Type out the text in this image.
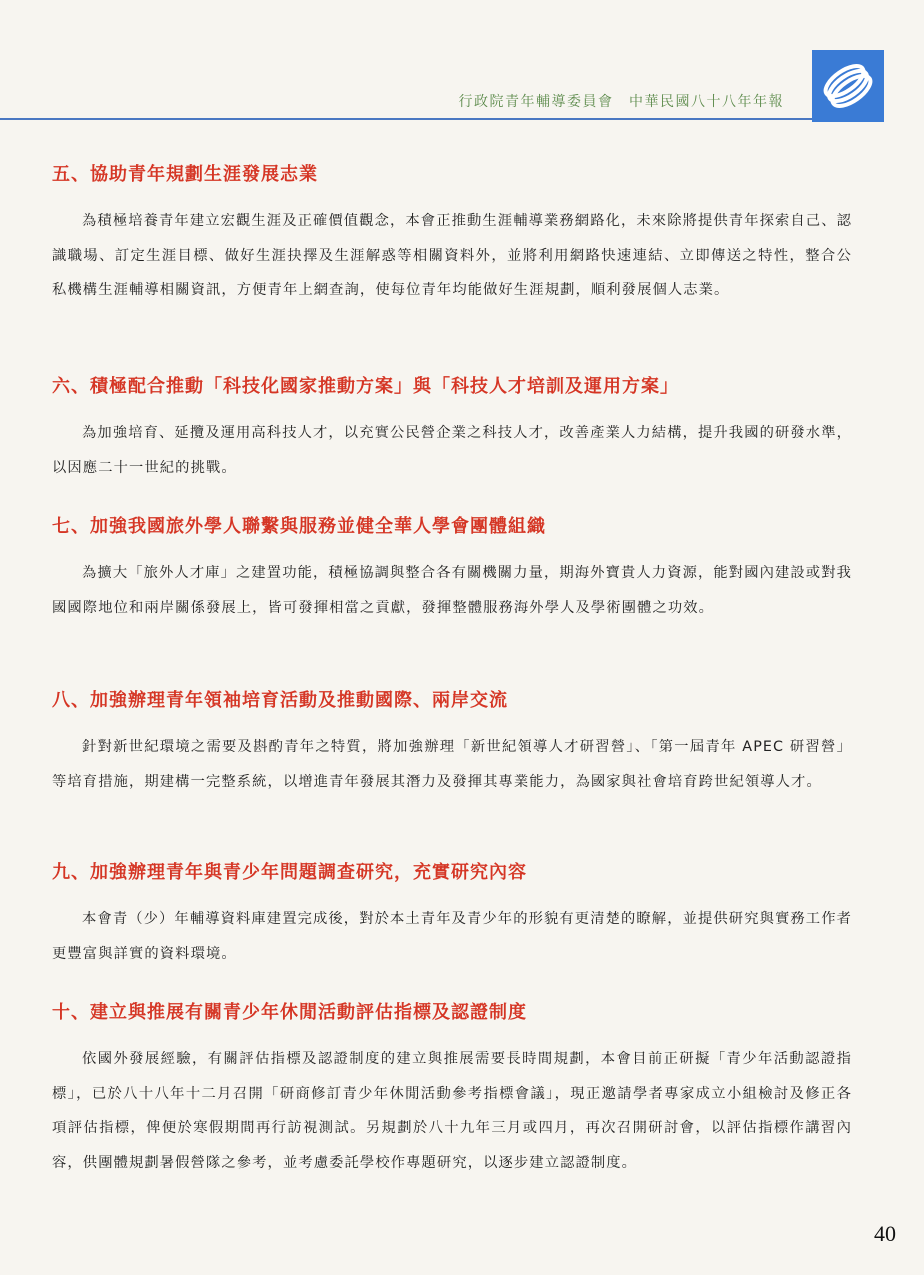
行政院青年輔導委員會　中華民國八十八年年報
五、協助青年規劃生涯發展志業

為積極培養青年建立宏觀生涯及正確價值觀念，本會正推動生涯輔導業務網路化，未來除將提供青年探索自己、認識職場、訂定生涯目標、做好生涯抉擇及生涯解惑等相關資料外，並將利用網路快速連結、立即傳送之特性，整合公私機構生涯輔導相關資訊，方便青年上網查詢，使每位青年均能做好生涯規劃，順利發展個人志業。

六、積極配合推動「科技化國家推動方案」與「科技人才培訓及運用方案」

為加強培育、延攬及運用高科技人才，以充實公民營企業之科技人才，改善產業人力結構，提升我國的研發水準，以因應二十一世紀的挑戰。

七、加強我國旅外學人聯繫與服務並健全華人學會團體組織

為擴大「旅外人才庫」之建置功能，積極協調與整合各有關機關力量，期海外寶貴人力資源，能對國內建設或對我國國際地位和兩岸關係發展上，皆可發揮相當之貢獻，發揮整體服務海外學人及學術團體之功效。

八、加強辦理青年領袖培育活動及推動國際、兩岸交流

針對新世紀環境之需要及斟酌青年之特質，將加強辦理「新世紀領導人才研習營」、「第一屆青年 APEC 研習營」等培育措施，期建構一完整系統，以增進青年發展其潛力及發揮其專業能力，為國家與社會培育跨世紀領導人才。

九、加強辦理青年與青少年問題調查研究，充實研究內容

本會青（少）年輔導資料庫建置完成後，對於本土青年及青少年的形貌有更清楚的瞭解，並提供研究與實務工作者更豐富與詳實的資料環境。

十、建立與推展有關青少年休閒活動評估指標及認證制度

依國外發展經驗，有關評估指標及認證制度的建立與推展需要長時間規劃，本會目前正研擬「青少年活動認證指標」，已於八十八年十二月召開「研商修訂青少年休閒活動參考指標會議」，現正邀請學者專家成立小組檢討及修正各項評估指標，俾便於寒假期間再行訪視測試。另規劃於八十九年三月或四月，再次召開研討會，以評估指標作講習內容，供團體規劃暑假營隊之參考，並考慮委託學校作專題研究，以逐步建立認證制度。

40
